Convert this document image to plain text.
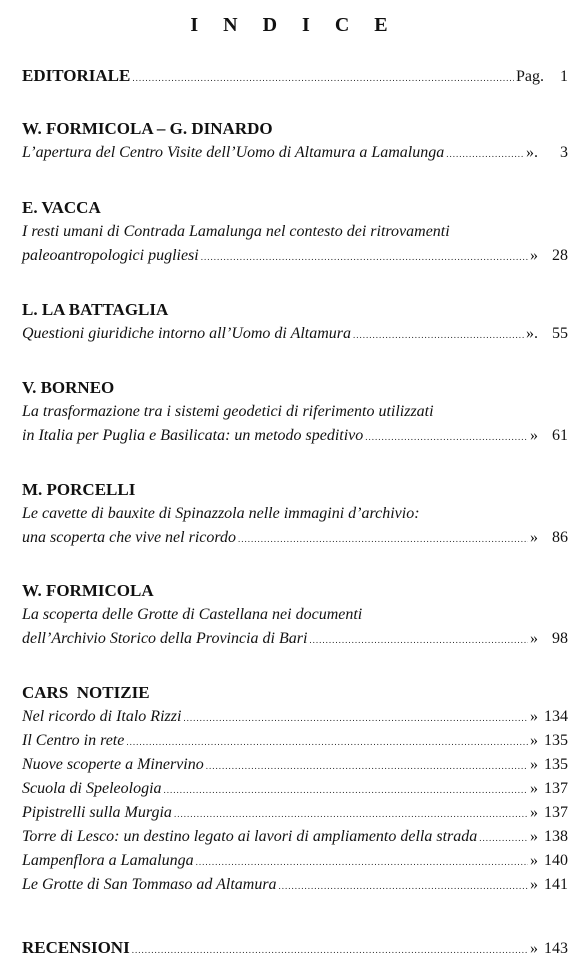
I N D I C E
EDITORIALE .....	Pag. 1
W. FORMICOLA – G. DINARDO
L’apertura del Centro Visite dell’Uomo di Altamura a Lamalunga .....	». 3
E. VACCA
I resti umani di Contrada Lamalunga nel contesto dei ritrovamenti
paleoantropologici pugliesi .....	» 28
L. LA BATTAGLIA
Questioni giuridiche intorno all’Uomo di Altamura .....	». 55
V. BORNEO
La trasformazione tra i sistemi geodetici di riferimento utilizzati
in Italia per Puglia e Basilicata: un metodo speditivo .....	» 61
M. PORCELLI
Le cavette di bauxite di Spinazzola nelle immagini d’archivio:
una scoperta che vive nel ricordo .....	» 86
W. FORMICOLA
La scoperta delle Grotte di Castellana nei documenti
dell’Archivio Storico della Provincia di Bari .....	» 98
CARS  NOTIZIE
Nel ricordo di Italo Rizzi .....	» 134
Il Centro in rete .....	» 135
Nuove scoperte a Minervino .....	» 135
Scuola di Speleologia .....	» 137
Pipistrelli sulla Murgia .....	» 137
Torre di Lesco: un destino legato ai lavori di ampliamento della strada .....	» 138
Lampenflora a Lamalunga .....	» 140
Le Grotte di San Tommaso ad Altamura .....	» 141
RECENSIONI .....	» 143
